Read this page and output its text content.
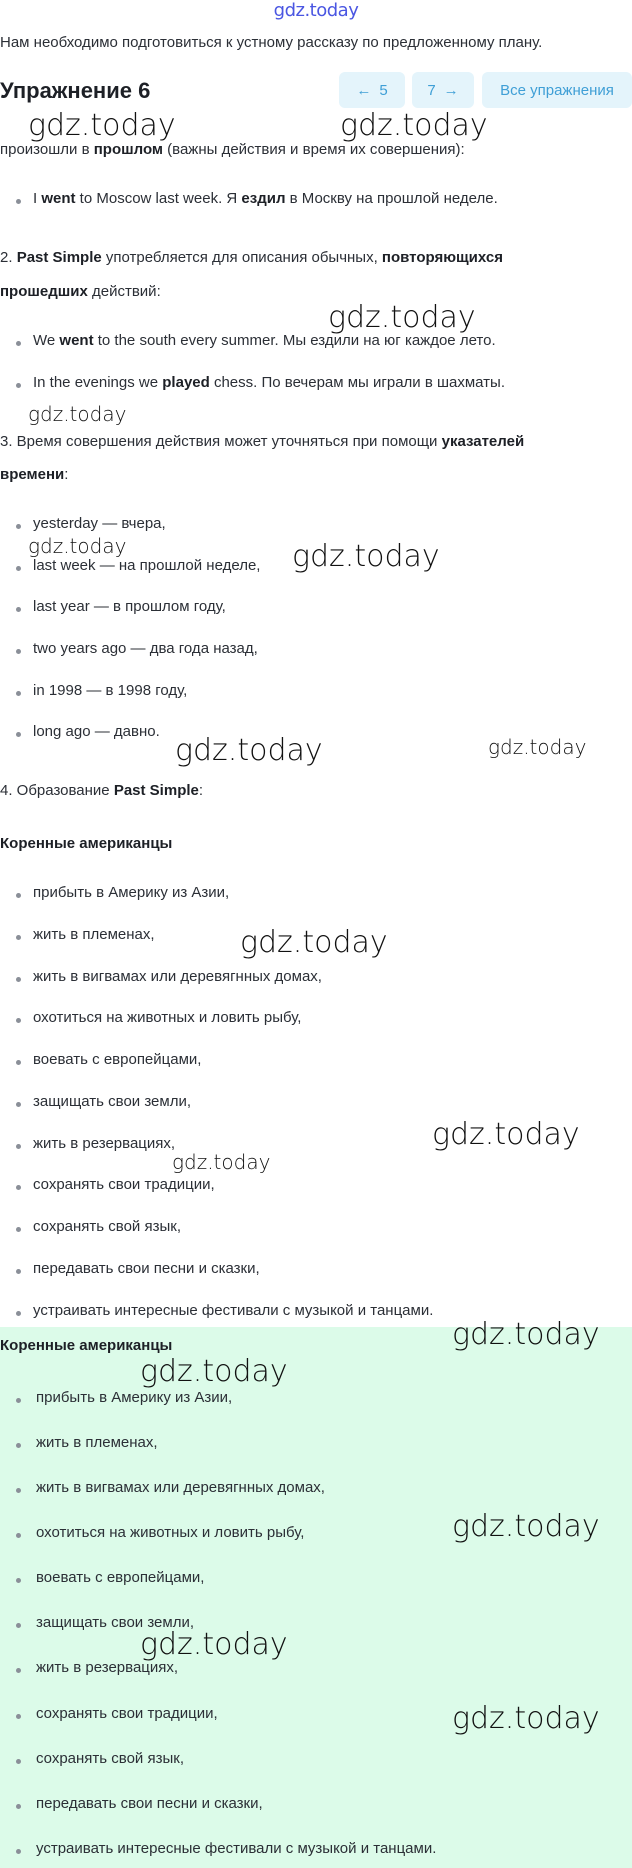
gdz.today
Нам необходимо подготовиться к устному рассказу по предложенному плану.
Упражнение 6	← 5	7 →	Все упражнения
произошли в прошлом (важны действия и время их совершения):
I went to Moscow last week. Я ездил в Москву на прошлой неделе.
2. Past Simple употребляется для описания обычных, повторяющихся
прошедших действий:
We went to the south every summer. Мы ездили на юг каждое лето.
In the evenings we played chess. По вечерам мы играли в шахматы.
3. Время совершения действия может уточняться при помощи указателей
времени:
yesterday — вчера,
last week — на прошлой неделе,
last year — в прошлом году,
two years ago — два года назад,
in 1998 — в 1998 году,
long ago — давно.
4. Образование Past Simple:
Коренные американцы
прибыть в Америку из Азии,
жить в племенах,
жить в вигвамах или деревягнных домах,
охотиться на животных и ловить рыбу,
воевать с европейцами,
защищать свои земли,
жить в резервациях,
сохранять свои традиции,
сохранять свой язык,
передавать свои песни и сказки,
устраивать интересные фестивали с музыкой и танцами.
Коренные американцы
прибыть в Америку из Азии,
жить в племенах,
жить в вигвамах или деревягнных домах,
охотиться на животных и ловить рыбу,
воевать с европейцами,
защищать свои земли,
жить в резервациях,
сохранять свои традиции,
сохранять свой язык,
передавать свои песни и сказки,
устраивать интересные фестивали с музыкой и танцами.
gdz.today	gdz.today
gdz.today
gdz.today
gdz.today	gdz.today
gdz.today	gdz.today
gdz.today
gdz.today
gdz.today
gdz.today
gdz.today
gdz.today
gdz.today
gdz.today
